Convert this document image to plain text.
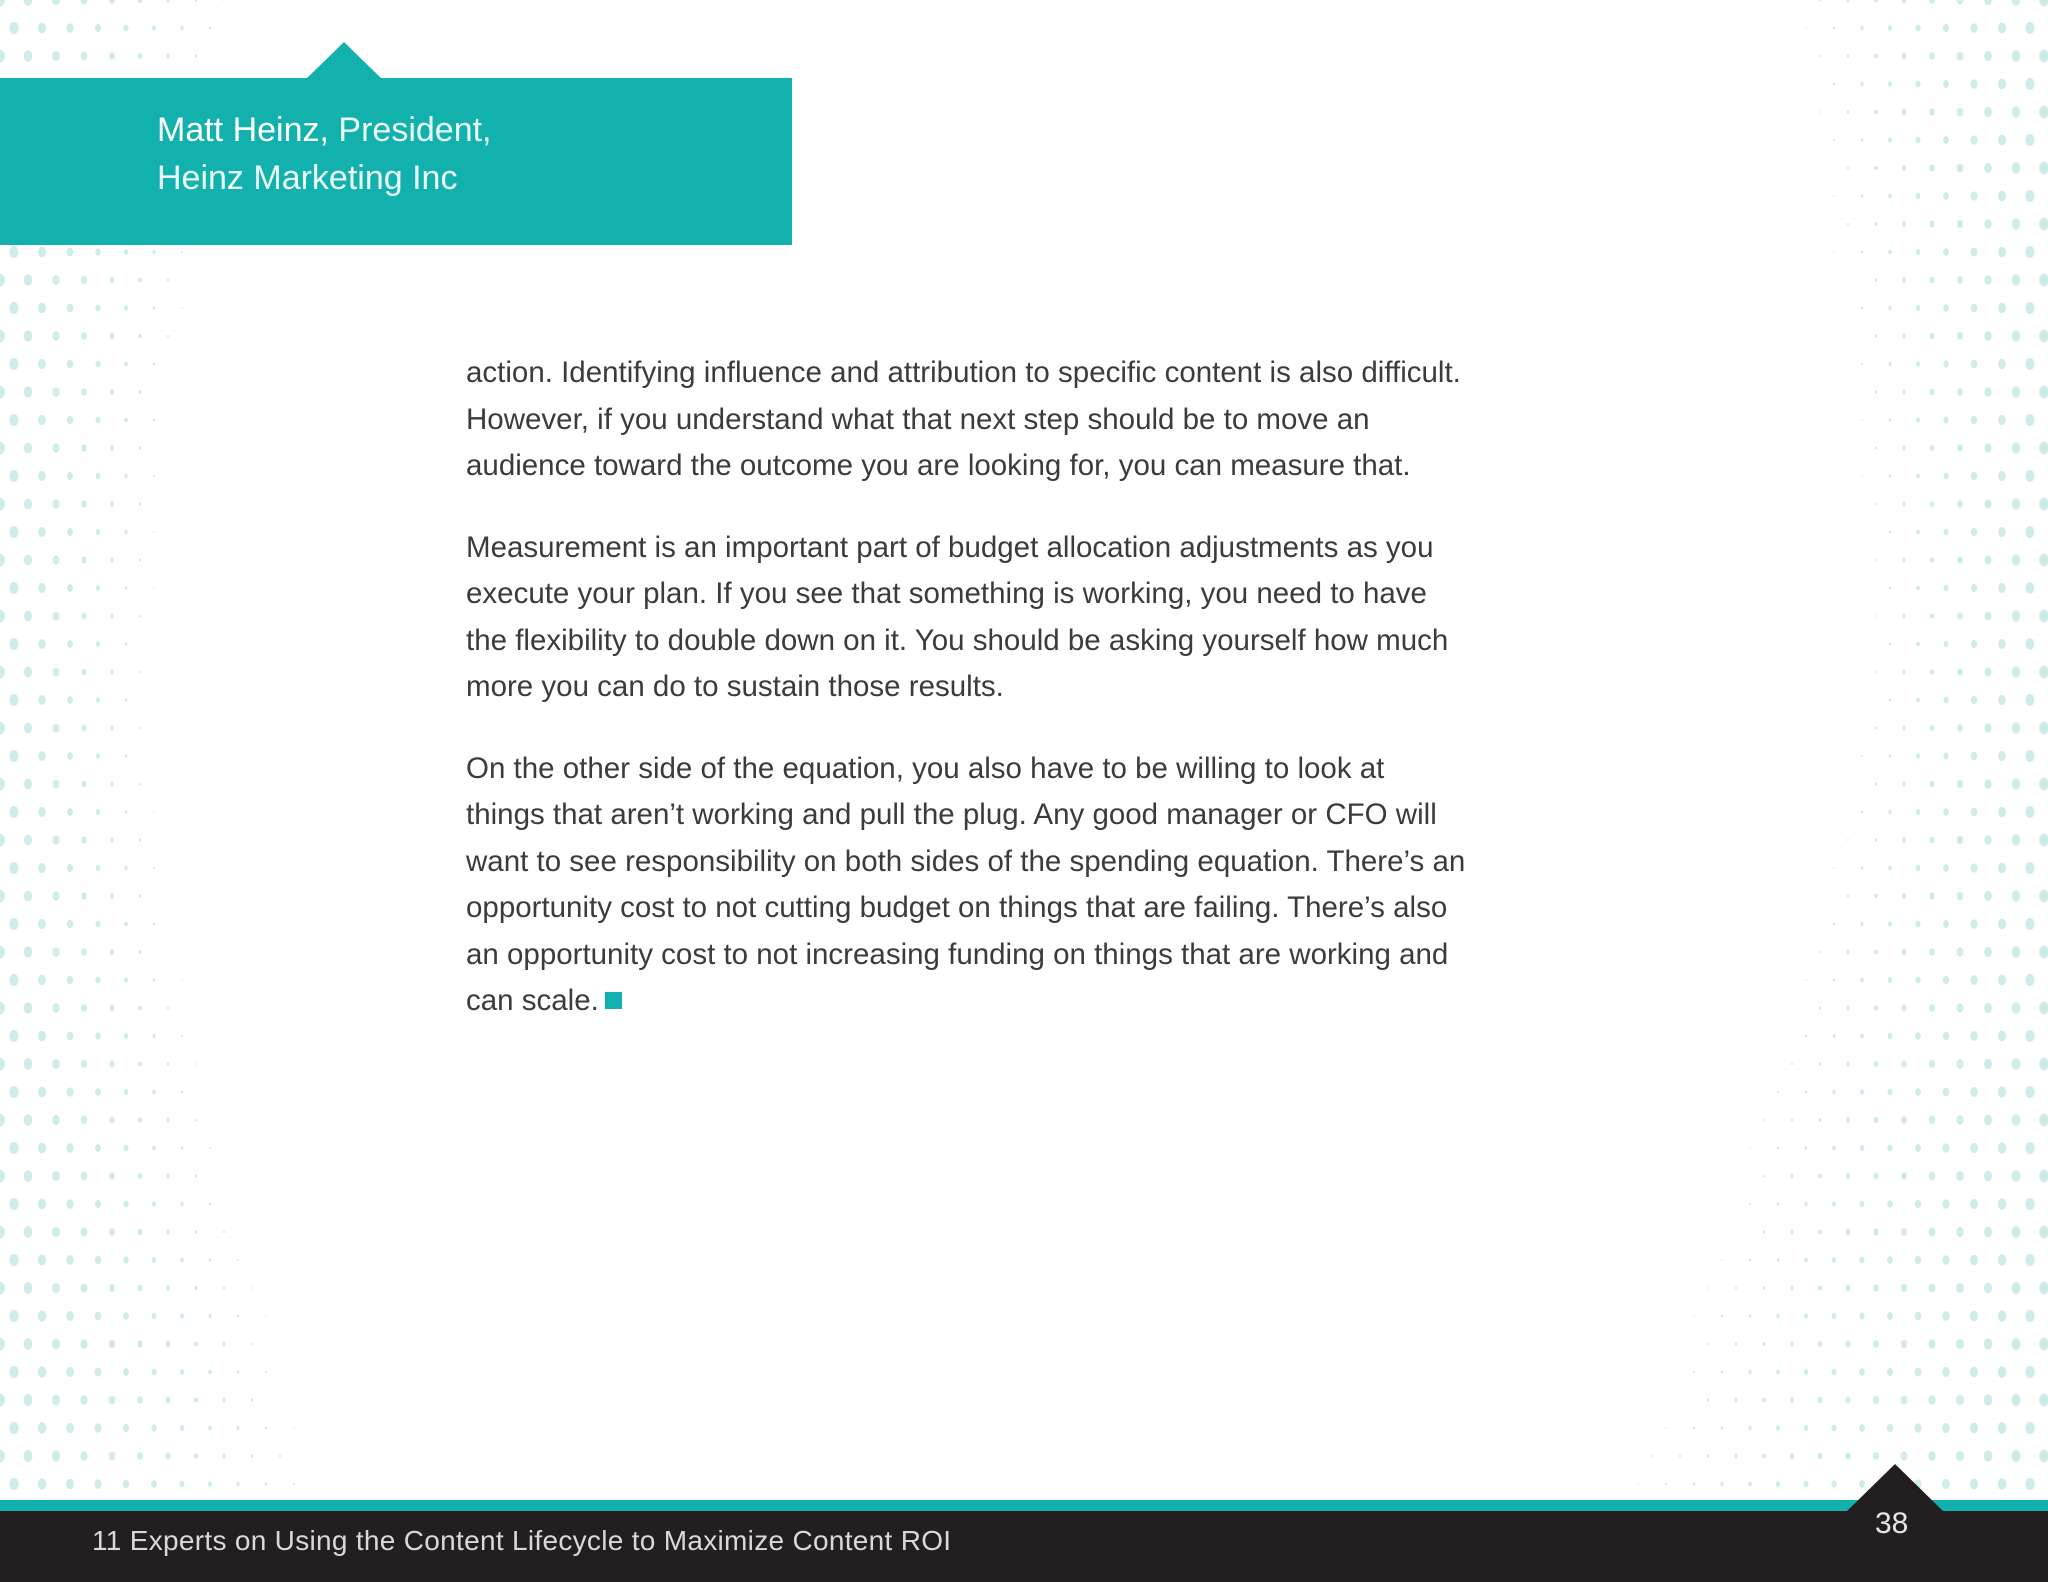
Matt Heinz, President,
Heinz Marketing Inc

action. Identifying influence and attribution to specific content is also difficult.
However, if you understand what that next step should be to move an
audience toward the outcome you are looking for, you can measure that.

Measurement is an important part of budget allocation adjustments as you
execute your plan. If you see that something is working, you need to have
the flexibility to double down on it. You should be asking yourself how much
more you can do to sustain those results.

On the other side of the equation, you also have to be willing to look at
things that aren’t working and pull the plug. Any good manager or CFO will
want to see responsibility on both sides of the spending equation. There’s an
opportunity cost to not cutting budget on things that are failing. There’s also
an opportunity cost to not increasing funding on things that are working and
can scale.

11 Experts on Using the Content Lifecycle to Maximize Content ROI
38
